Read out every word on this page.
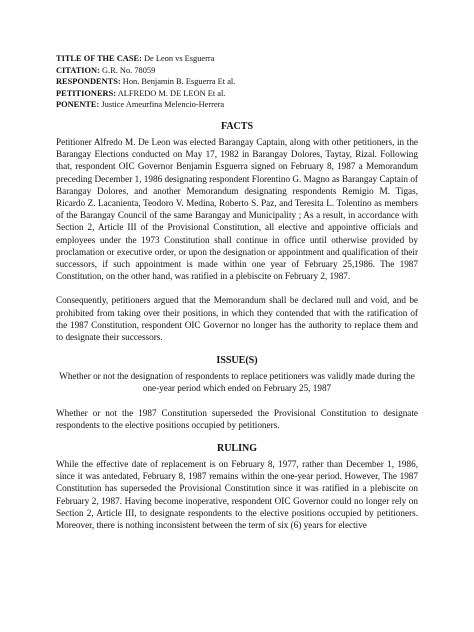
TITLE OF THE CASE: De Leon vs Esguerra
CITATION: G.R. No. 78059
RESPONDENTS: Hon. Benjamin B. Esguerra Et al.
PETITIONERS: ALFREDO M. DE LEON Et al.
PONENTE: Justice Ameurfina Melencio-Herrera
FACTS

Petitioner Alfredo M. De Leon was elected Barangay Captain, along with other petitioners, in the Barangay Elections conducted on May 17, 1982 in Barangay Dolores, Taytay, Rizal. Following that, respondent OIC Governor Benjamin Esguerra signed on February 8, 1987 a Memorandum preceding December 1, 1986 designating respondent Florentino G. Magno as Barangay Captain of Barangay Dolores, and another Memorandum designating respondents Remigio M. Tigas, Ricardo Z. Lacanienta, Teodoro V. Medina, Roberto S. Paz, and Teresita L. Tolentino as members of the Barangay Council of the same Barangay and Municipality ; As a result, in accordance with Section 2, Article III of the Provisional Constitution, all elective and appointive officials and employees under the 1973 Constitution shall continue in office until otherwise provided by proclamation or executive order, or upon the designation or appointment and qualification of their successors, if such appointment is made within one year of February 25,1986. The 1987 Constitution, on the other hand, was ratified in a plebiscite on February 2, 1987.

Consequently, petitioners argued that the Memorandum shall be declared null and void, and be prohibited from taking over their positions, in which they contended that with the ratification of the 1987 Constitution, respondent OIC Governor no longer has the authority to replace them and to designate their successors.

ISSUE(S)

Whether or not the designation of respondents to replace petitioners was validly made during the one-year period which ended on February 25, 1987

Whether or not the 1987 Constitution superseded the Provisional Constitution to designate respondents to the elective positions occupied by petitioners.

RULING

While the effective date of replacement is on February 8, 1977, rather than December 1, 1986, since it was antedated, February 8, 1987 remains within the one-year period. However, The 1987 Constitution has superseded the Provisional Constitution since it was ratified in a plebiscite on February 2, 1987. Having become inoperative, respondent OIC Governor could no longer rely on Section 2, Article III, to designate respondents to the elective positions occupied by petitioners. Moreover, there is nothing inconsistent between the term of six (6) years for elective
